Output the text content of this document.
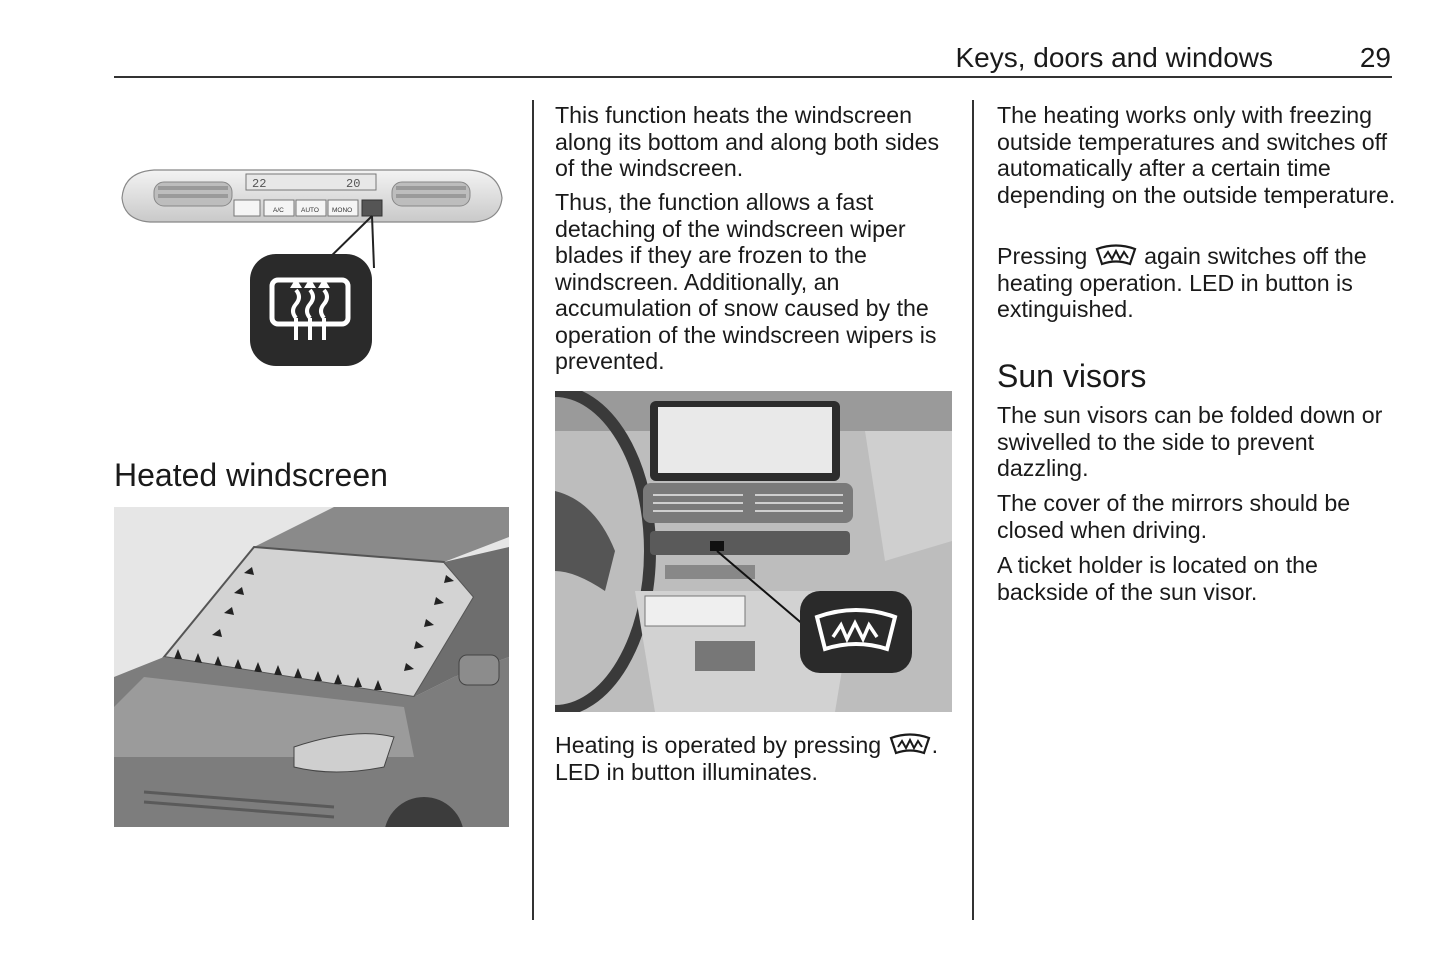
Keys, doors and windows	29
22	20
A/C	AUTO MONO
Heated windscreen

This function heats the windscreen along its bottom and along both sides of the windscreen.

Thus, the function allows a fast detaching of the windscreen wiper blades if they are frozen to the windscreen. Additionally, an accumulation of snow caused by the operation of the windscreen wipers is prevented.

Heating is operated by pressing .
LED in button illuminates.

The heating works only with freezing outside temperatures and switches off automatically after a certain time depending on the outside temperature.

Pressing again switches off the heating operation. LED in button is extinguished.

Sun visors

The sun visors can be folded down or swivelled to the side to prevent dazzling.

The cover of the mirrors should be closed when driving.

A ticket holder is located on the backside of the sun visor.
